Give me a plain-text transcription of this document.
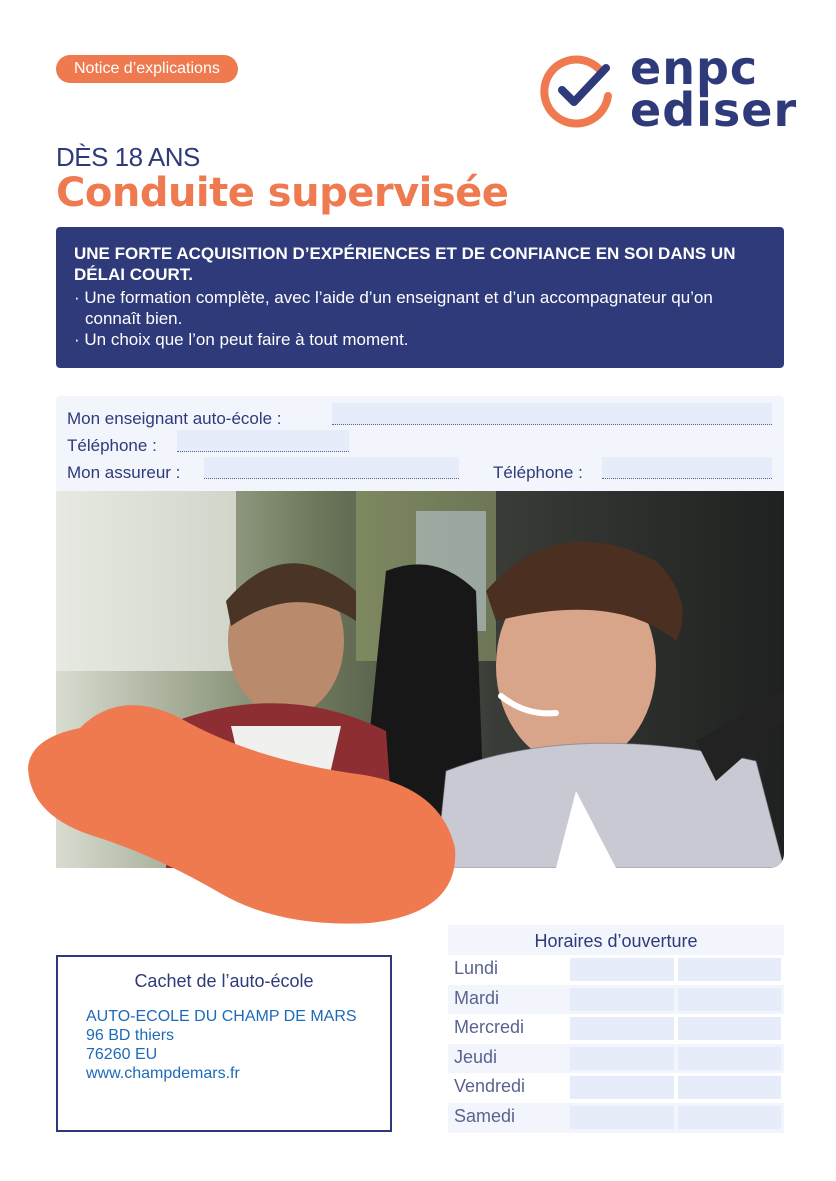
Notice d’explications	enpc
ediser
DÈS 18 ANS
Conduite supervisée
UNE FORTE ACQUISITION D’EXPÉRIENCES ET DE CONFIANCE EN SOI DANS UN DÉLAI COURT.
· Une formation complète, avec l’aide d’un enseignant et d’un accompagnateur qu’on connaît bien.
· Un choix que l’on peut faire à tout moment.
Mon enseignant auto-école :
Téléphone :
Mon assureur :	Téléphone :
Cachet de l’auto-école
AUTO-ECOLE DU CHAMP DE MARS
96 BD thiers
76260 EU
www.champdemars.fr
Horaires d’ouverture
Lundi
Mardi
Mercredi
Jeudi
Vendredi
Samedi
